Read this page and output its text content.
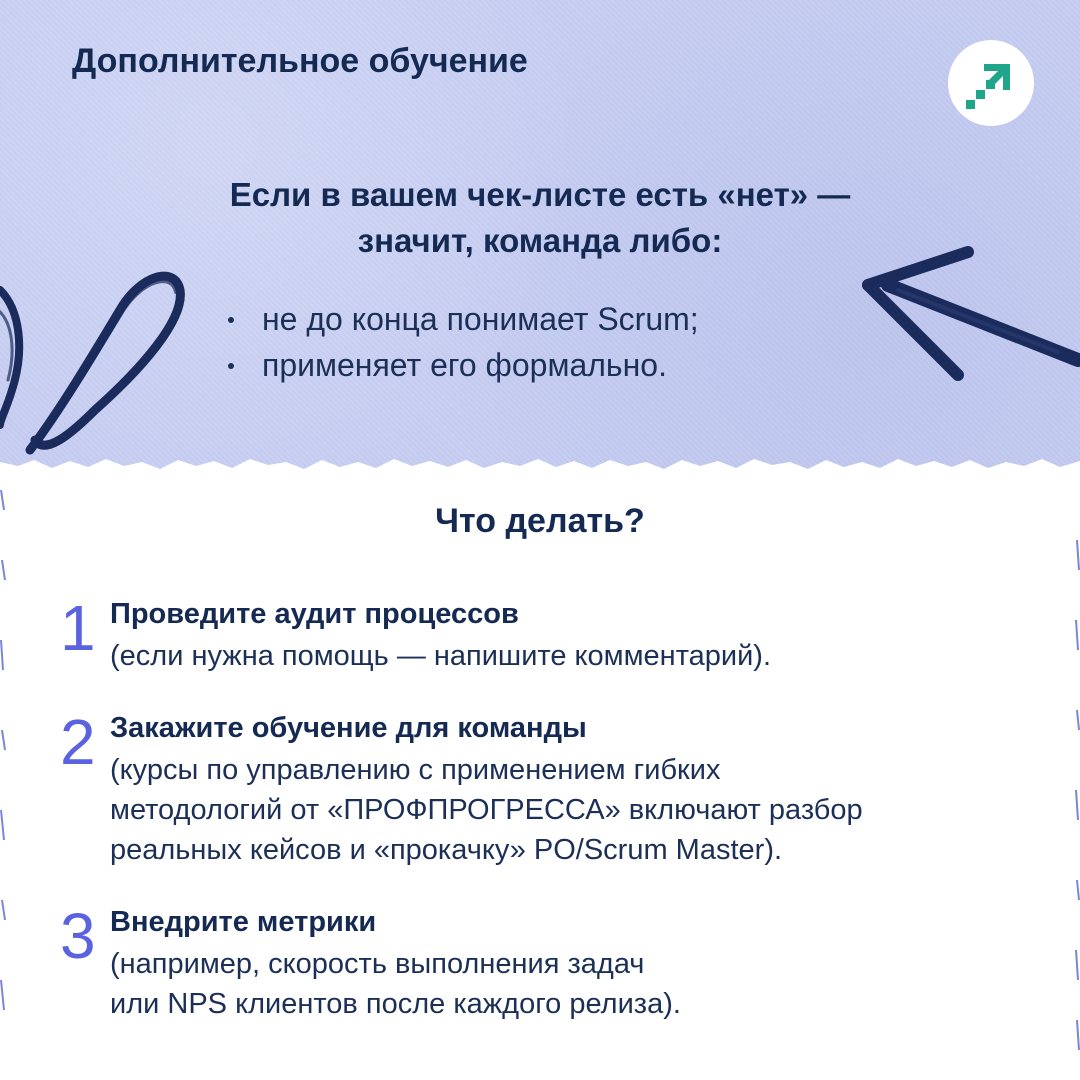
Дополнительное обучение

Если в вашем чек-листе есть «нет» —
значит, команда либо:

не до конца понимает Scrum;
применяет его формально.
Что делать?
1 Проведите аудит процессов

(если нужна помощь — напишите комментарий).

2 Закажите обучение для команды

(курсы по управлению с применением гибких
методологий от «ПРОФПРОГРЕССА» включают разбор
реальных кейсов и «прокачку» PO/Scrum Master).

3 Внедрите метрики

(например, скорость выполнения задач
или NPS клиентов после каждого релиза).
